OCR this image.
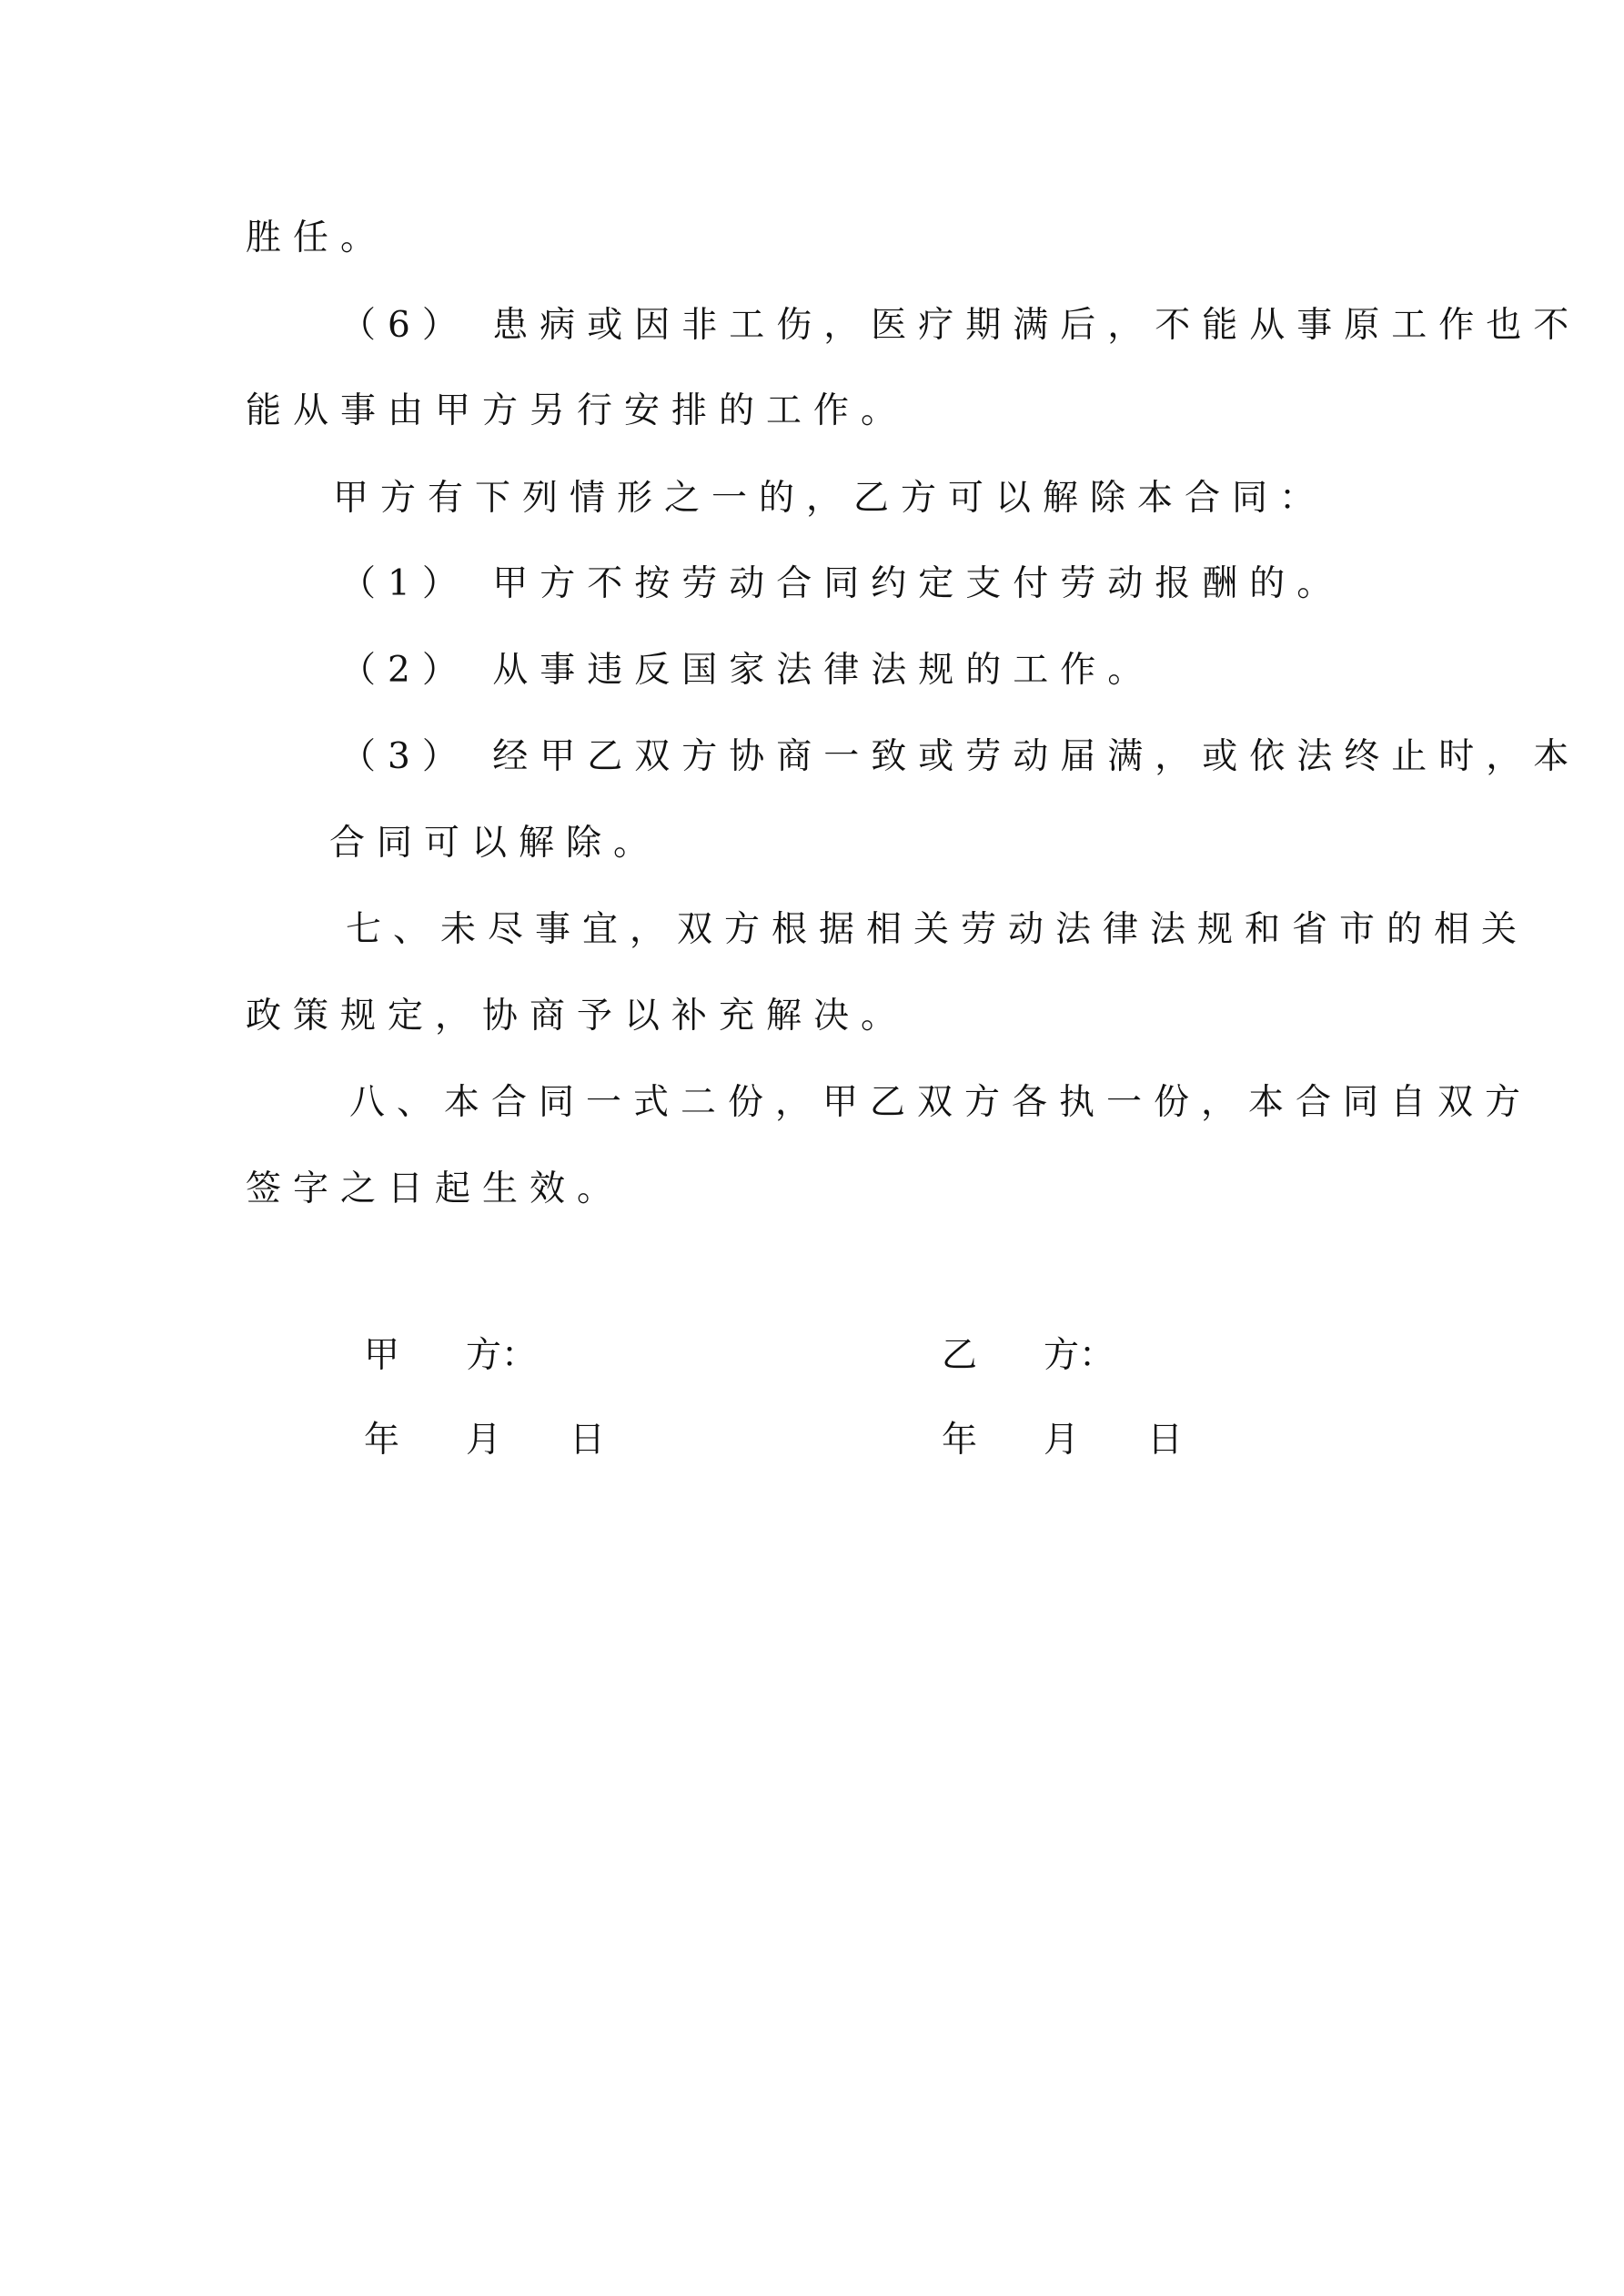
胜任。
（6） 患病或因非工伤，医疗期满后，不能从事原工作也不
能从事由甲方另行安排的工作。
甲方有下列情形之一的，乙方可以解除本合同：
（1） 甲方不按劳动合同约定支付劳动报酬的。
（2） 从事违反国家法律法规的工作。
（3） 经甲乙双方协商一致或劳动届满，或依法终止时，本
合同可以解除。
七、未尽事宜，双方根据相关劳动法律法规和省市的相关
政策规定，协商予以补充解决。
八、本合同一式二份，甲乙双方各执一份，本合同自双方
签字之日起生效。
甲 方：	乙 方：
年 月 日	年 月 日
